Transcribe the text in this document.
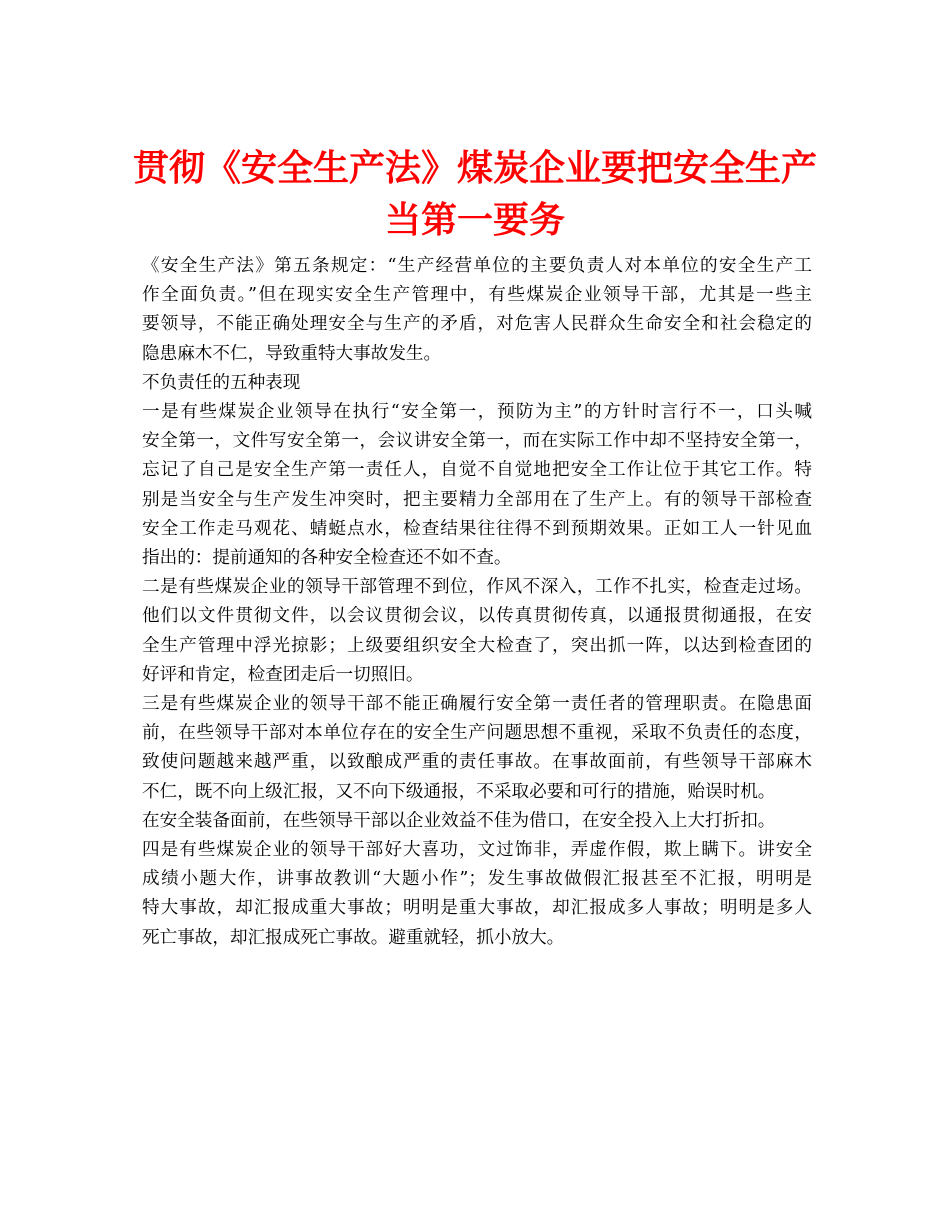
贯彻《安全生产法》煤炭企业要把安全生产
当第一要务

《安全生产法》第五条规定：“生产经营单位的主要负责人对本单位的安全生产工
作全面负责。”但在现实安全生产管理中，有些煤炭企业领导干部，尤其是一些主
要领导，不能正确处理安全与生产的矛盾，对危害人民群众生命安全和社会稳定的
隐患麻木不仁，导致重特大事故发生。

不负责任的五种表现

一是有些煤炭企业领导在执行“安全第一，预防为主”的方针时言行不一，口头喊
安全第一，文件写安全第一，会议讲安全第一，而在实际工作中却不坚持安全第一，
忘记了自己是安全生产第一责任人，自觉不自觉地把安全工作让位于其它工作。特
别是当安全与生产发生冲突时，把主要精力全部用在了生产上。有的领导干部检查
安全工作走马观花、蜻蜓点水，检查结果往往得不到预期效果。正如工人一针见血
指出的：提前通知的各种安全检查还不如不查。

二是有些煤炭企业的领导干部管理不到位，作风不深入，工作不扎实，检查走过场。
他们以文件贯彻文件，以会议贯彻会议，以传真贯彻传真，以通报贯彻通报，在安
全生产管理中浮光掠影；上级要组织安全大检查了，突出抓一阵，以达到检查团的
好评和肯定，检查团走后一切照旧。

三是有些煤炭企业的领导干部不能正确履行安全第一责任者的管理职责。在隐患面
前，在些领导干部对本单位存在的安全生产问题思想不重视，采取不负责任的态度，
致使问题越来越严重，以致酿成严重的责任事故。在事故面前，有些领导干部麻木
不仁，既不向上级汇报，又不向下级通报，不采取必要和可行的措施，贻误时机。

在安全装备面前，在些领导干部以企业效益不佳为借口，在安全投入上大打折扣。

四是有些煤炭企业的领导干部好大喜功，文过饰非，弄虚作假，欺上瞒下。讲安全
成绩小题大作，讲事故教训“大题小作”；发生事故做假汇报甚至不汇报，明明是
特大事故，却汇报成重大事故；明明是重大事故，却汇报成多人事故；明明是多人
死亡事故，却汇报成死亡事故。避重就轻，抓小放大。
